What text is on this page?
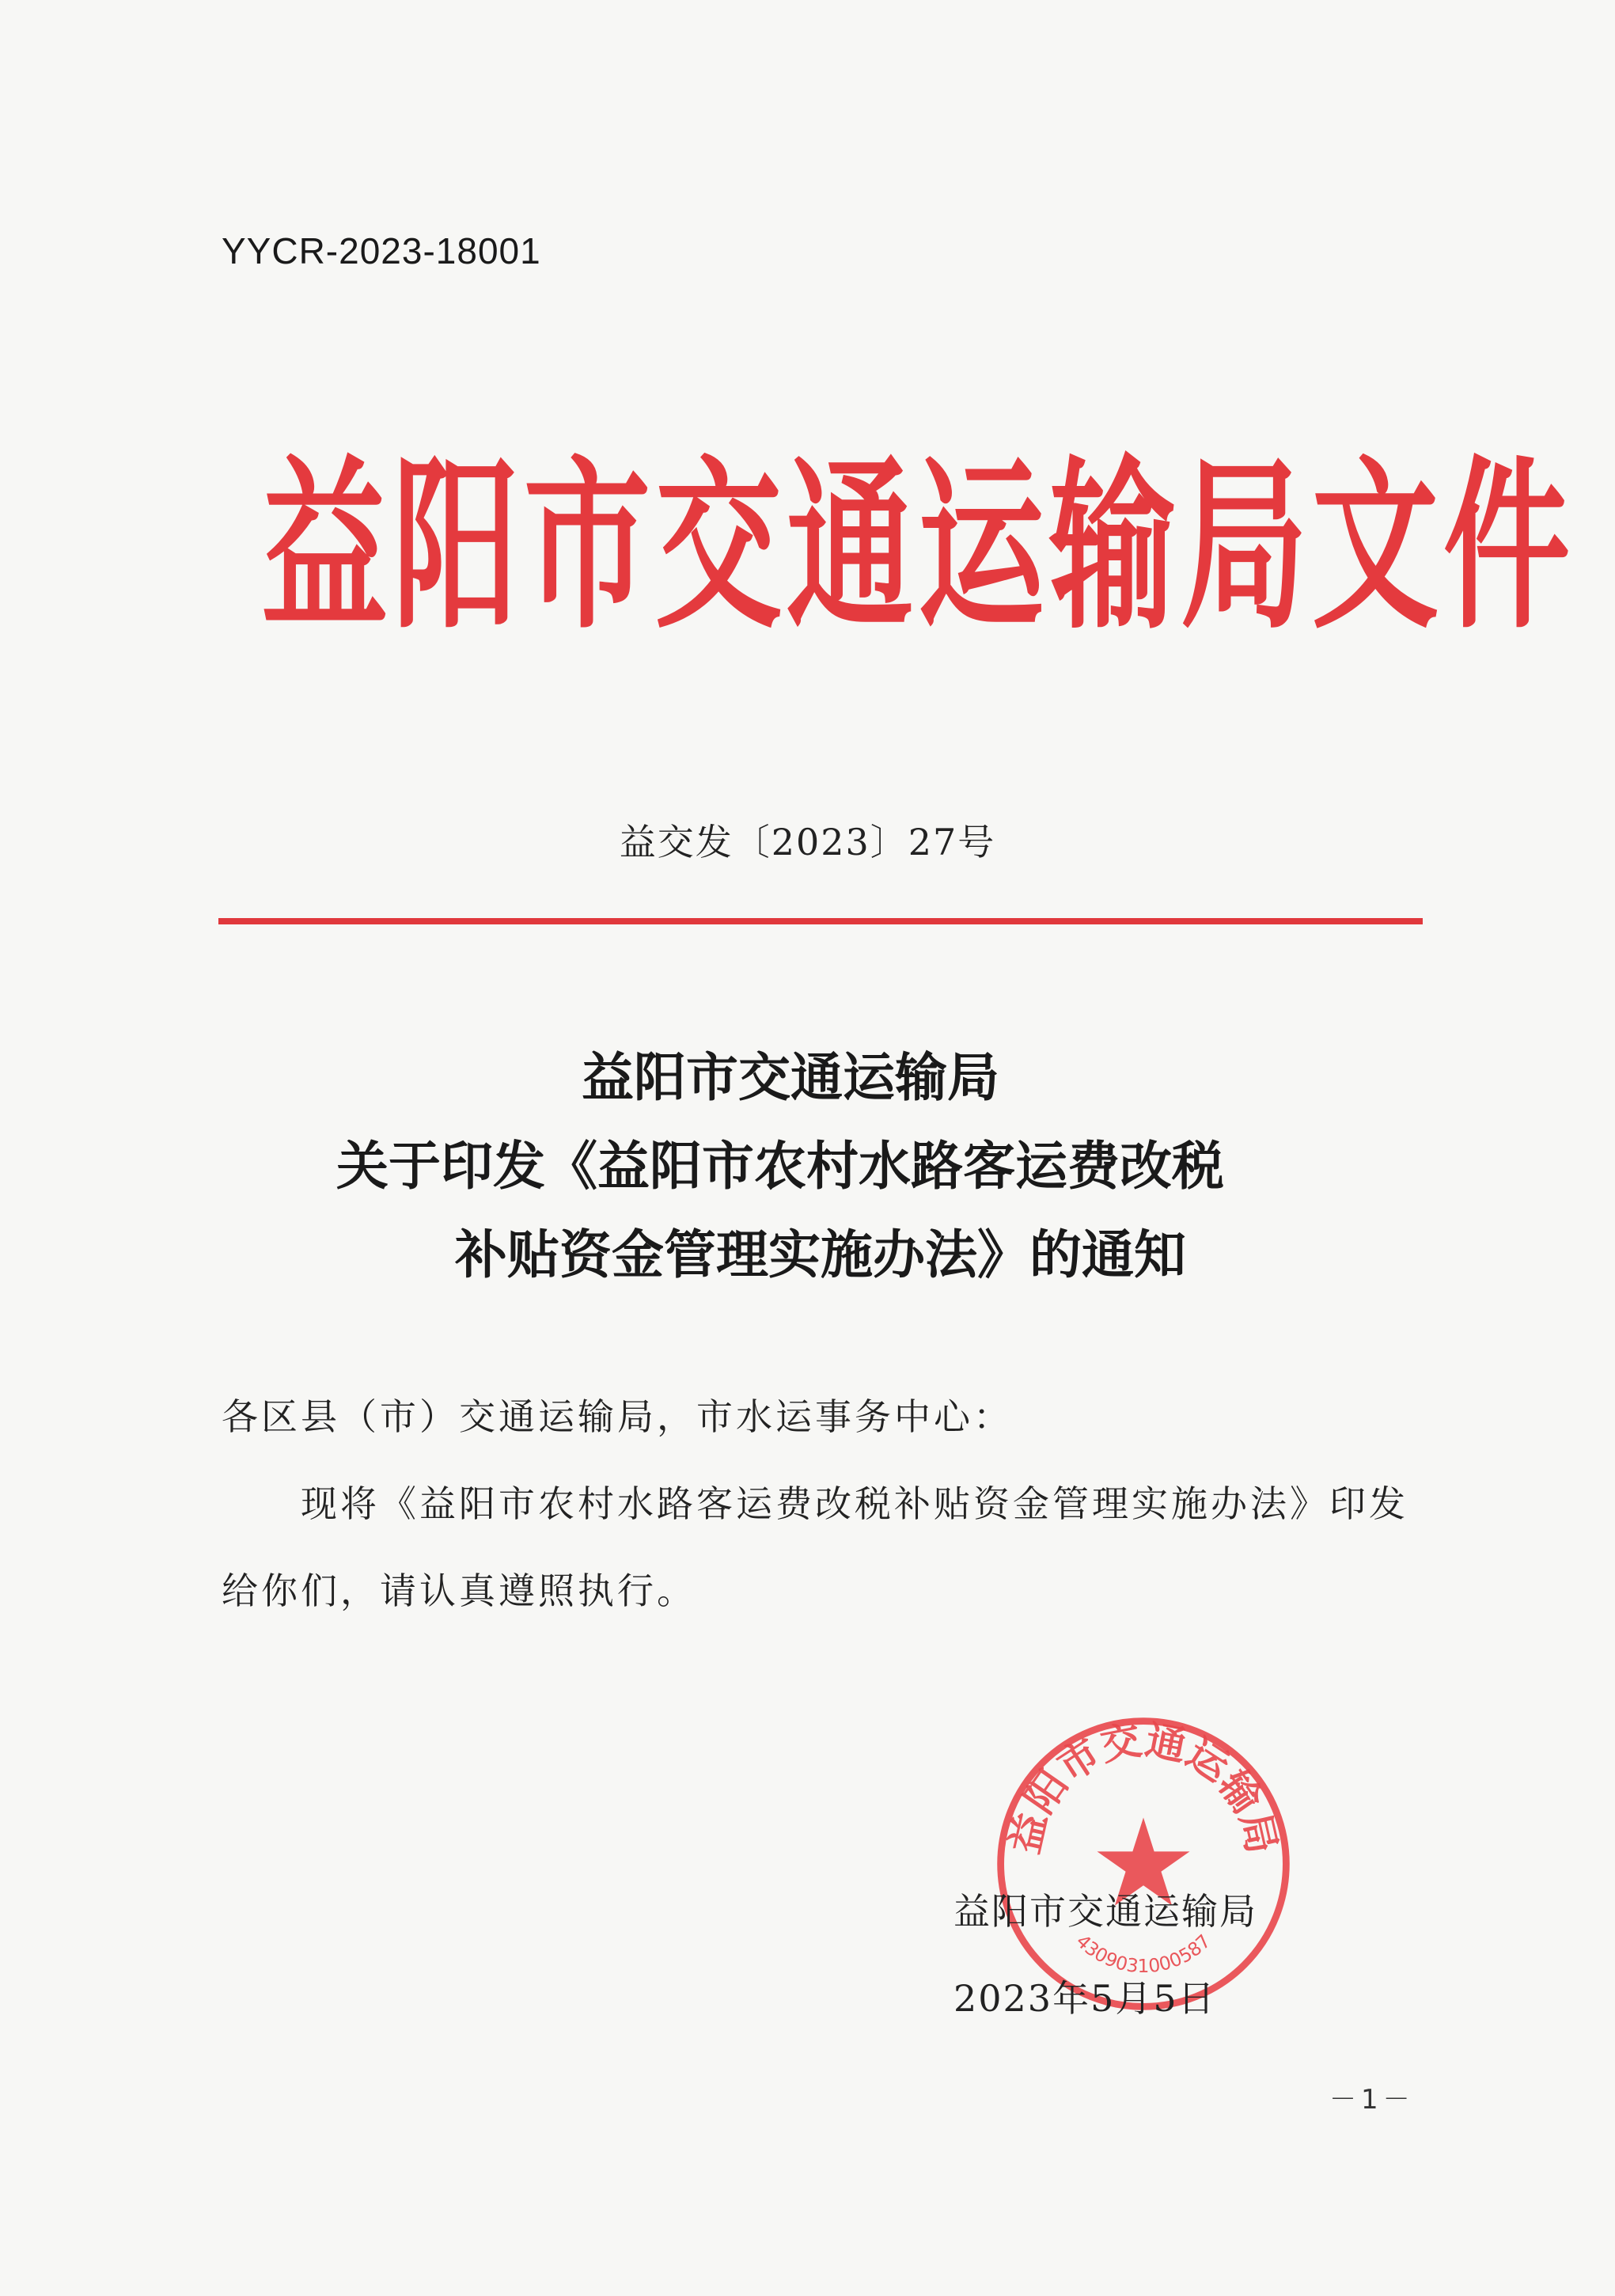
YYCR-2023-18001
益阳市交通运输局文件
益交发〔2023〕27号
益阳市交通运输局
关于印发《益阳市农村水路客运费改税
补贴资金管理实施办法》的通知
各区县（市）交通运输局，市水运事务中心：
现将《益阳市农村水路客运费改税补贴资金管理实施办法》印发给你们，请认真遵照执行。
益阳市交通运输局
4309031000587
益阳市交通运输局
2023年5月5日
－1－
